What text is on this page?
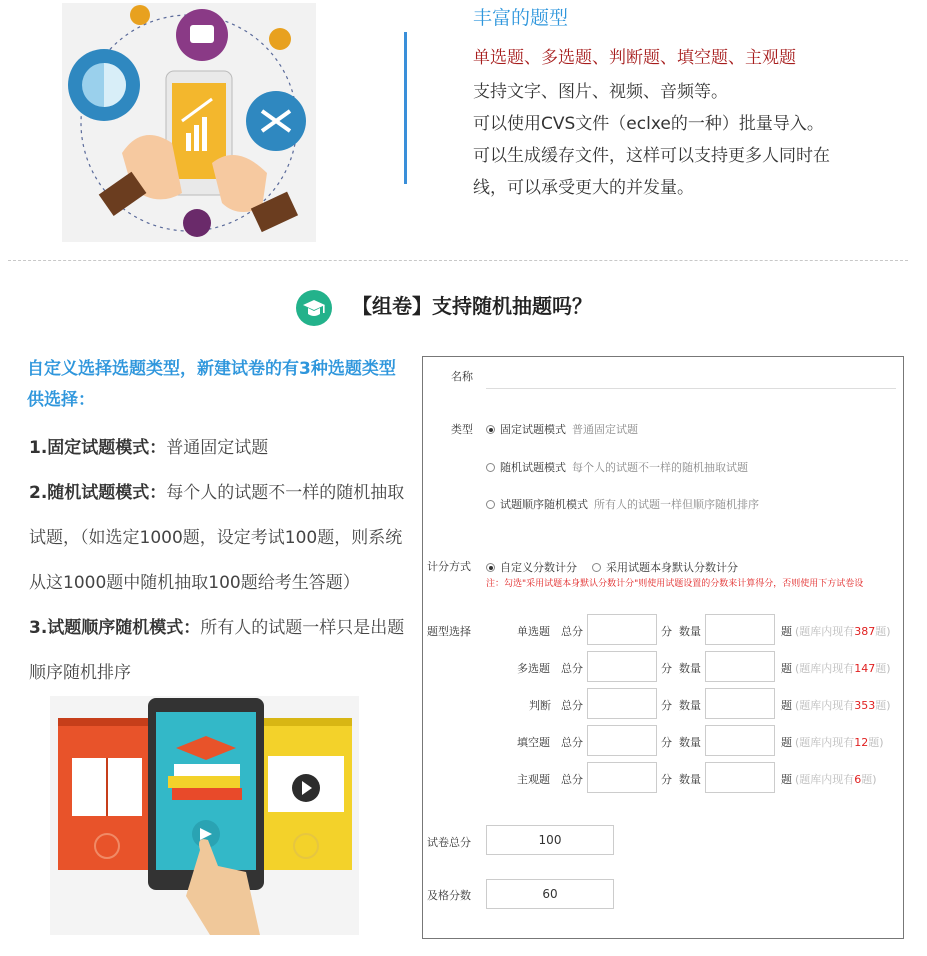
丰富的题型
单选题、多选题、判断题、填空题、主观题
支持文字、图片、视频、音频等。
可以使用CVS文件（eclxe的一种）批量导入。
可以生成缓存文件，这样可以支持更多人同时在
线，可以承受更大的并发量。
【组卷】支持随机抽题吗？
自定义选择选题类型，新建试卷的有3种选题类型供选择：

1.固定试题模式：普通固定试题

2.随机试题模式：每个人的试题不一样的随机抽取试题，（如选定1000题，设定考试100题，则系统从这1000题中随机抽取100题给考生答题）

3.试题顺序随机模式：所有人的试题一样只是出题顺序随机排序

名称
类型	固定试题模式 普通固定试题
随机试题模式 每个人的试题不一样的随机抽取试题
试题顺序随机模式 所有人的试题一样但顺序随机排序
计分方式	自定义分数计分	采用试题本身默认分数计分
注：勾选"采用试题本身默认分数计分"则使用试题设置的分数来计算得分，否则使用下方试卷设
题型选择	单选题 总分	分 数量	题 (题库内现有387题)
多选题 总分	分 数量	题 (题库内现有147题)
判断 总分	分 数量	题 (题库内现有353题)
填空题 总分	分 数量	题 (题库内现有12题)
主观题 总分	分 数量	题 (题库内现有6题)
试卷总分	100
及格分数	60
